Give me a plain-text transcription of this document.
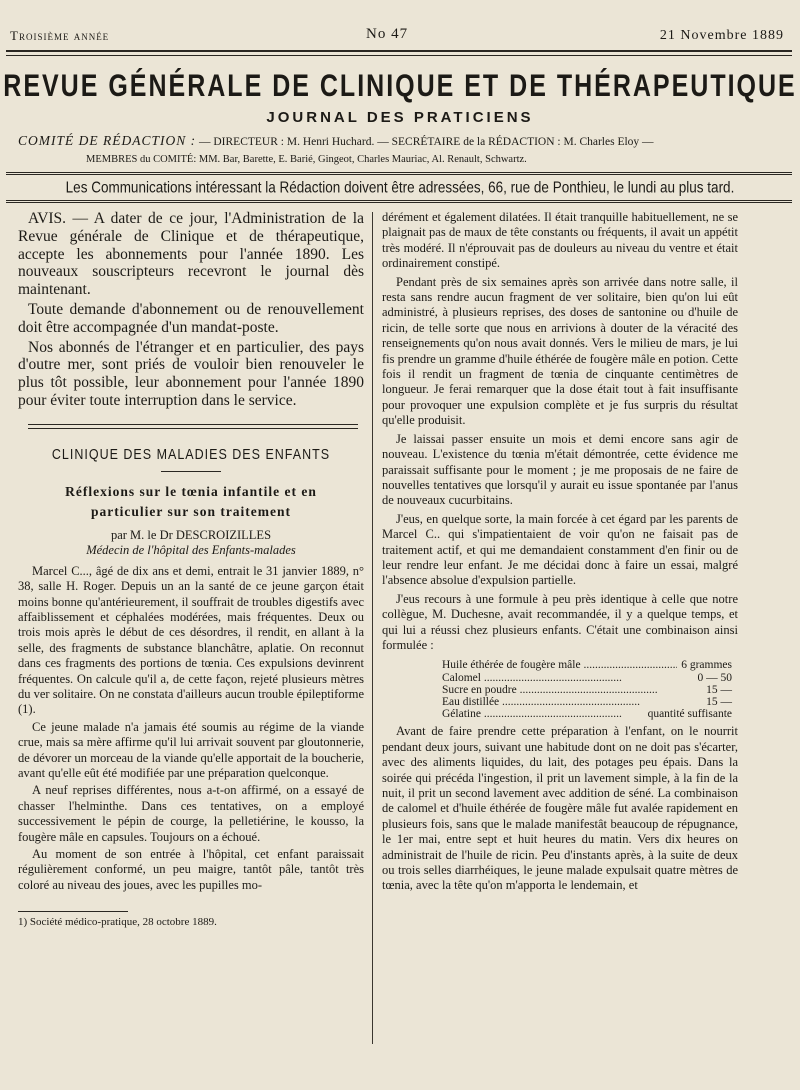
Troisième année	No 47	21 Novembre 1889
REVUE GÉNÉRALE DE CLINIQUE ET DE THÉRAPEUTIQUE
JOURNAL DES PRATICIENS
COMITÉ DE RÉDACTION : — DIRECTEUR : M. Henri Huchard. — SECRÉTAIRE de la RÉDACTION : M. Charles Eloy —
MEMBRES du COMITÉ: MM. Bar, Barette, E. Barié, Gingeot, Charles Mauriac, Al. Renault, Schwartz.
Les Communications intéressant la Rédaction doivent être adressées, 66, rue de Ponthieu, le lundi au plus tard.

AVIS. — A dater de ce jour, l'Administration de la Revue générale de Clinique et de thérapeutique, accepte les abonnements pour l'année 1890. Les nouveaux souscripteurs recevront le journal dès maintenant.

Toute demande d'abonnement ou de renouvellement doit être accompagnée d'un mandat-poste.

Nos abonnés de l'étranger et en particulier, des pays d'outre mer, sont priés de vouloir bien renouveler le plus tôt possible, leur abonnement pour l'année 1890 pour éviter toute interruption dans le service.

CLINIQUE DES MALADIES DES ENFANTS
Réflexions sur le tœnia infantile et en
particulier sur son traitement
par M. le Dr DESCROIZILLES
Médecin de l'hôpital des Enfants-malades

Marcel C..., âgé de dix ans et demi, entrait le 31 janvier 1889, n° 38, salle H. Roger. Depuis un an la santé de ce jeune garçon était moins bonne qu'antérieurement, il souffrait de troubles digestifs avec affaiblissement et céphalées modérées, mais fréquentes. Deux ou trois mois après le début de ces désordres, il rendit, en allant à la selle, des fragments de substance blanchâtre, aplatie. On reconnut dans ces fragments des portions de tœnia. Ces expulsions devinrent fréquentes. On calcule qu'il a, de cette façon, rejeté plusieurs mètres du ver solitaire. On ne constata d'ailleurs aucun trouble épileptiforme (1).

Ce jeune malade n'a jamais été soumis au régime de la viande crue, mais sa mère affirme qu'il lui arrivait souvent par gloutonnerie, de dévorer un morceau de la viande qu'elle apportait de la boucherie, avant qu'elle eût été modifiée par une préparation quelconque.

A neuf reprises différentes, nous a-t-on affirmé, on a essayé de chasser l'helminthe. Dans ces tentatives, on a employé successivement le pépin de courge, la pelletiérine, le kousso, la fougère mâle en capsules. Toujours on a échoué.

Au moment de son entrée à l'hôpital, cet enfant paraissait régulièrement conformé, un peu maigre, tantôt pâle, tantôt très coloré au niveau des joues, avec les pupilles mo-

1) Société médico-pratique, 28 octobre 1889.

dérément et également dilatées. Il était tranquille habituellement, ne se plaignait pas de maux de tête constants ou fréquents, il avait un appétit très modéré. Il n'éprouvait pas de douleurs au niveau du ventre et était ordinairement constipé.

Pendant près de six semaines après son arrivée dans notre salle, il resta sans rendre aucun fragment de ver solitaire, bien qu'on lui eût administré, à plusieurs reprises, des doses de santonine ou d'huile de ricin, de telle sorte que nous en arrivions à douter de la véracité des renseignements qu'on nous avait donnés. Vers le milieu de mars, je lui fis prendre un gramme d'huile éthérée de fougère mâle en potion. Cette fois il rendit un fragment de tœnia de cinquante centimètres de longueur. Je ferai remarquer que la dose était tout à fait insuffisante pour provoquer une expulsion complète et je fus surpris du résultat qu'elle produisit.

Je laissai passer ensuite un mois et demi encore sans agir de nouveau. L'existence du tœnia m'était démontrée, cette évidence me paraissait suffisante pour le moment ; je me proposais de ne faire de nouvelles tentatives que lorsqu'il y aurait eu issue spontanée par l'anus de nouveaux cucurbitains.

J'eus, en quelque sorte, la main forcée à cet égard par les parents de Marcel C.. qui s'impatientaient de voir qu'on ne faisait pas de traitement actif, et qui me demandaient constamment d'en finir ou de leur rendre leur enfant. Je me décidai donc à faire un essai, malgré l'absence absolue d'expulsion partielle.

J'eus recours à une formule à peu près identique à celle que notre collègue, M. Duchesne, avait recommandée, il y a quelque temps, et qui lui a réussi chez plusieurs enfants. C'était une combinaison ainsi formulée :

Huile éthérée de fougère mâle .....	6 grammes
Calomel .....	0 — 50
Sucre en poudre .....	15 —
Eau distillée .....	15 —
Gélatine .....	quantité suffisante

Avant de faire prendre cette préparation à l'enfant, on le nourrit pendant deux jours, suivant une habitude dont on ne doit pas s'écarter, avec des aliments liquides, du lait, des potages peu épais. Dans la soirée qui précéda l'ingestion, il prit un lavement simple, à la fin de la nuit, il prit un second lavement avec addition de séné. La combinaison de calomel et d'huile éthérée de fougère mâle fut avalée rapidement en plusieurs fois, sans que le malade manifestât beaucoup de répugnance, le 1er mai, entre sept et huit heures du matin. Vers dix heures on administrait de l'huile de ricin. Peu d'instants après, à la suite de deux ou trois selles diarrhéiques, le jeune malade expulsait quatre mètres de tœnia, avec la tête qu'on m'apporta le lendemain, et
